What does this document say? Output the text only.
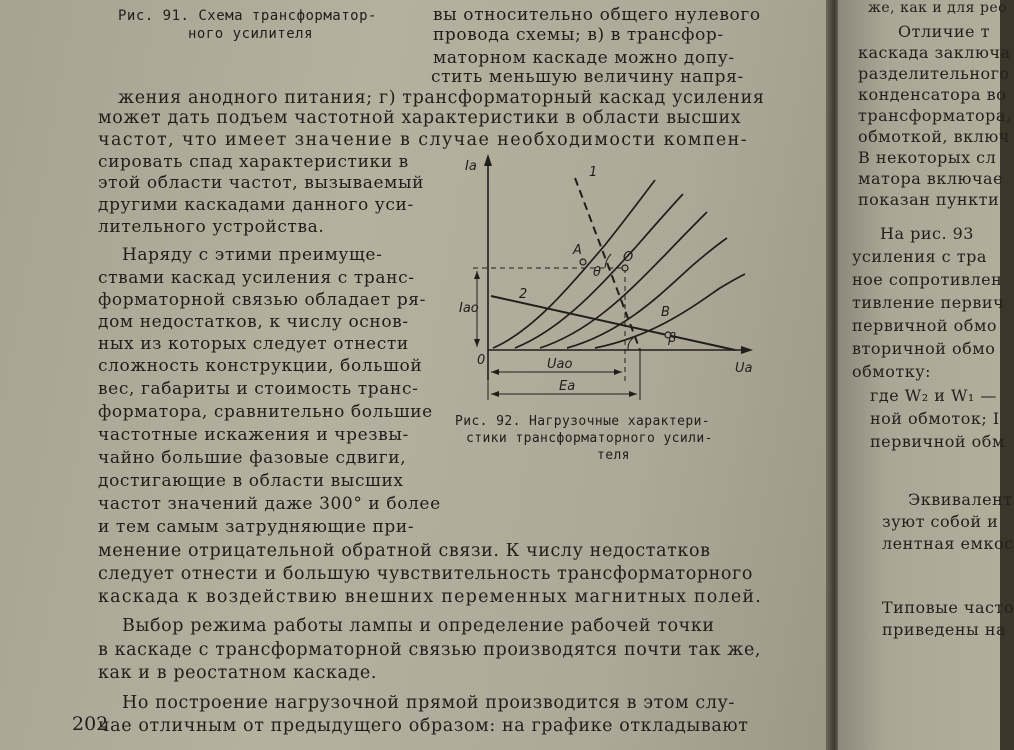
Рис. 91. Схема трансформатор-
ного усилителя
вы относительно общего нулевого
провода схемы; в) в трансфор-
маторном каскаде можно допу-
стить меньшую величину напря-
жения анодного питания; г) трансформаторный каскад усиления
может дать подъем частотной характеристики в области высших
частот, что имеет значение в случае необходимости компен-
сировать спад характеристики в
этой области частот, вызываемый
другими каскадами данного уси-
лительного устройства.
Наряду с этими преимуще-
ствами каскад усиления с транс-
форматорной связью обладает ря-
дом недостатков, к числу основ-
ных из которых следует отнести
сложность конструкции, большой
вес, габариты и стоимость транс-
форматора, сравнительно большие
частотные искажения и чрезвы-
чайно большие фазовые сдвиги,
достигающие в области высших
частот значений даже 300° и более
и тем самым затрудняющие при-
менение отрицательной обратной связи. К числу недостатков
следует отнести и большую чувствительность трансформаторного
каскада к воздействию внешних переменных магнитных полей.
Выбор режима работы лампы и определение рабочей точки
в каскаде с трансформаторной связью производятся почти так же,
как и в реостатном каскаде.
Но построение нагрузочной прямой производится в этом слу-
чае отличным от предыдущего образом: на графике откладывают
Iа
Uа
0
A	O
B
1
2
θ
β
Iао
Uао
Eа
Рис. 92. Нагрузочные характери-
стики трансформаторного усили-
теля
202
же, как и для рео
Отличие т
каскада заключа
разделительного
конденсатора во
трансформатора,
обмоткой, включ
В некоторых сл
матора включае
показан пункти
На рис. 93
усиления с тра
ное сопротивлен
тивление первич
первичной обмо
вторичной обмо
обмотку:
где W₂ и W₁ —
ной обмоток; I
первичной обм
Эквивалент
зуют собой и
лентная емкос
Типовые часто
приведены на
